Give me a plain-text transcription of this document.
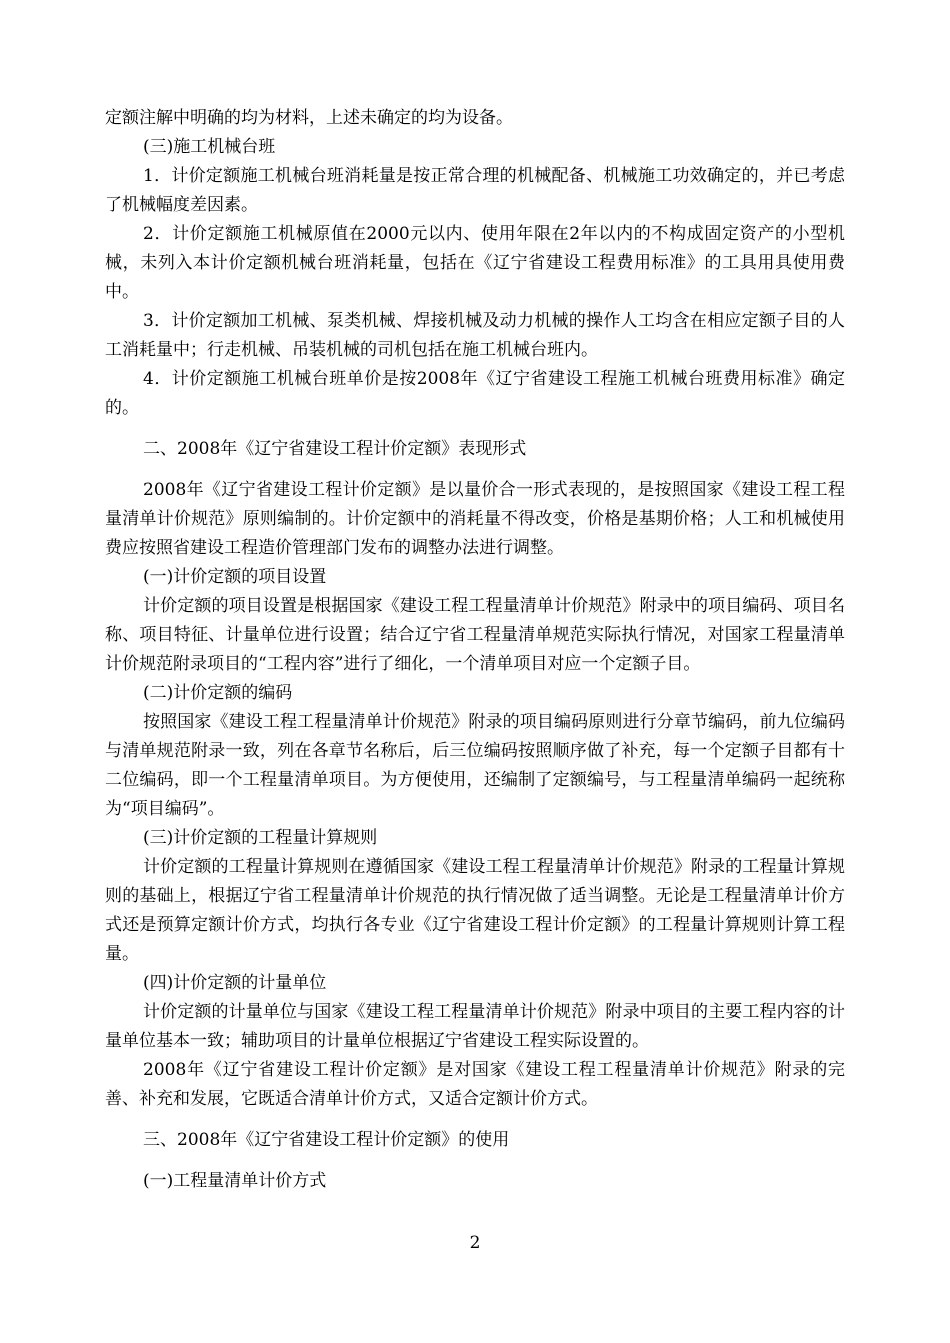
定额注解中明确的均为材料，上述未确定的均为设备。

(三)施工机械台班

1．计价定额施工机械台班消耗量是按正常合理的机械配备、机械施工功效确定的，并已考虑了机械幅度差因素。

2．计价定额施工机械原值在2000元以内、使用年限在2年以内的不构成固定资产的小型机械，未列入本计价定额机械台班消耗量，包括在《辽宁省建设工程费用标准》的工具用具使用费中。

3．计价定额加工机械、泵类机械、焊接机械及动力机械的操作人工均含在相应定额子目的人工消耗量中；行走机械、吊装机械的司机包括在施工机械台班内。

4．计价定额施工机械台班单价是按2008年《辽宁省建设工程施工机械台班费用标准》确定的。

二、2008年《辽宁省建设工程计价定额》表现形式

2008年《辽宁省建设工程计价定额》是以量价合一形式表现的，是按照国家《建设工程工程量清单计价规范》原则编制的。计价定额中的消耗量不得改变，价格是基期价格；人工和机械使用费应按照省建设工程造价管理部门发布的调整办法进行调整。

(一)计价定额的项目设置

计价定额的项目设置是根据国家《建设工程工程量清单计价规范》附录中的项目编码、项目名称、项目特征、计量单位进行设置；结合辽宁省工程量清单规范实际执行情况，对国家工程量清单计价规范附录项目的“工程内容”进行了细化，一个清单项目对应一个定额子目。

(二)计价定额的编码

按照国家《建设工程工程量清单计价规范》附录的项目编码原则进行分章节编码，前九位编码与清单规范附录一致，列在各章节名称后，后三位编码按照顺序做了补充，每一个定额子目都有十二位编码，即一个工程量清单项目。为方便使用，还编制了定额编号，与工程量清单编码一起统称为“项目编码”。

(三)计价定额的工程量计算规则

计价定额的工程量计算规则在遵循国家《建设工程工程量清单计价规范》附录的工程量计算规则的基础上，根据辽宁省工程量清单计价规范的执行情况做了适当调整。无论是工程量清单计价方式还是预算定额计价方式，均执行各专业《辽宁省建设工程计价定额》的工程量计算规则计算工程量。

(四)计价定额的计量单位

计价定额的计量单位与国家《建设工程工程量清单计价规范》附录中项目的主要工程内容的计量单位基本一致；辅助项目的计量单位根据辽宁省建设工程实际设置的。

2008年《辽宁省建设工程计价定额》是对国家《建设工程工程量清单计价规范》附录的完善、补充和发展，它既适合清单计价方式，又适合定额计价方式。

三、2008年《辽宁省建设工程计价定额》的使用

(一)工程量清单计价方式

2
